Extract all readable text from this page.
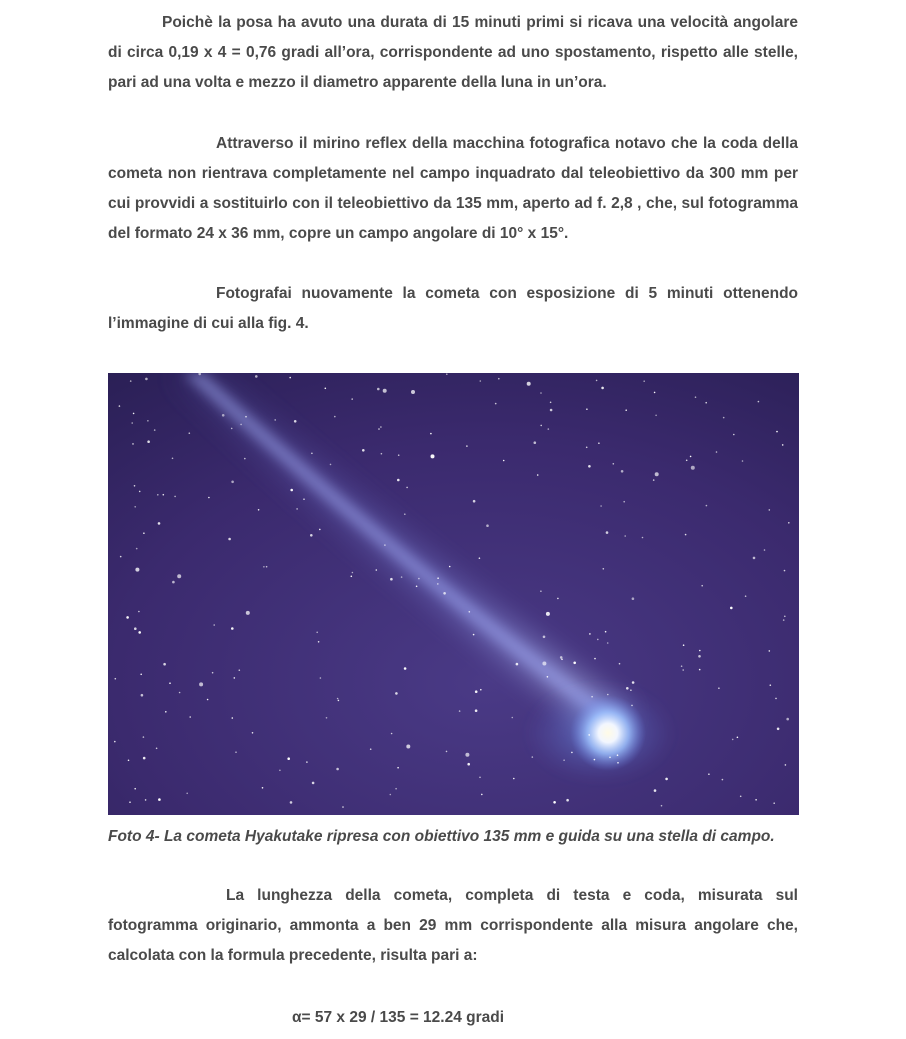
Poichè la posa ha avuto una durata di 15 minuti primi si ricava una velocità angolare di circa 0,19 x 4 = 0,76 gradi all’ora, corrispondente ad uno spostamento, rispetto alle stelle, pari ad una volta e mezzo il diametro apparente della luna in un’ora.

Attraverso il mirino reflex della macchina fotografica notavo che la coda della cometa non rientrava completamente nel campo inquadrato dal teleobiettivo da 300 mm per cui provvidi a sostituirlo con il teleobiettivo da 135 mm, aperto ad f. 2,8 , che, sul fotogramma del formato 24 x 36 mm, copre un campo angolare di 10° x 15°.

Fotografai nuovamente la cometa con esposizione di 5 minuti ottenendo l’immagine di cui alla fig. 4.

Foto 4- La cometa Hyakutake ripresa con obiettivo 135 mm e guida su una stella di campo.

La lunghezza della cometa, completa di testa e coda, misurata sul fotogramma originario, ammonta a ben 29 mm corrispondente alla misura angolare che, calcolata con la formula precedente, risulta pari a:

α= 57 x 29 / 135 = 12.24 gradi
